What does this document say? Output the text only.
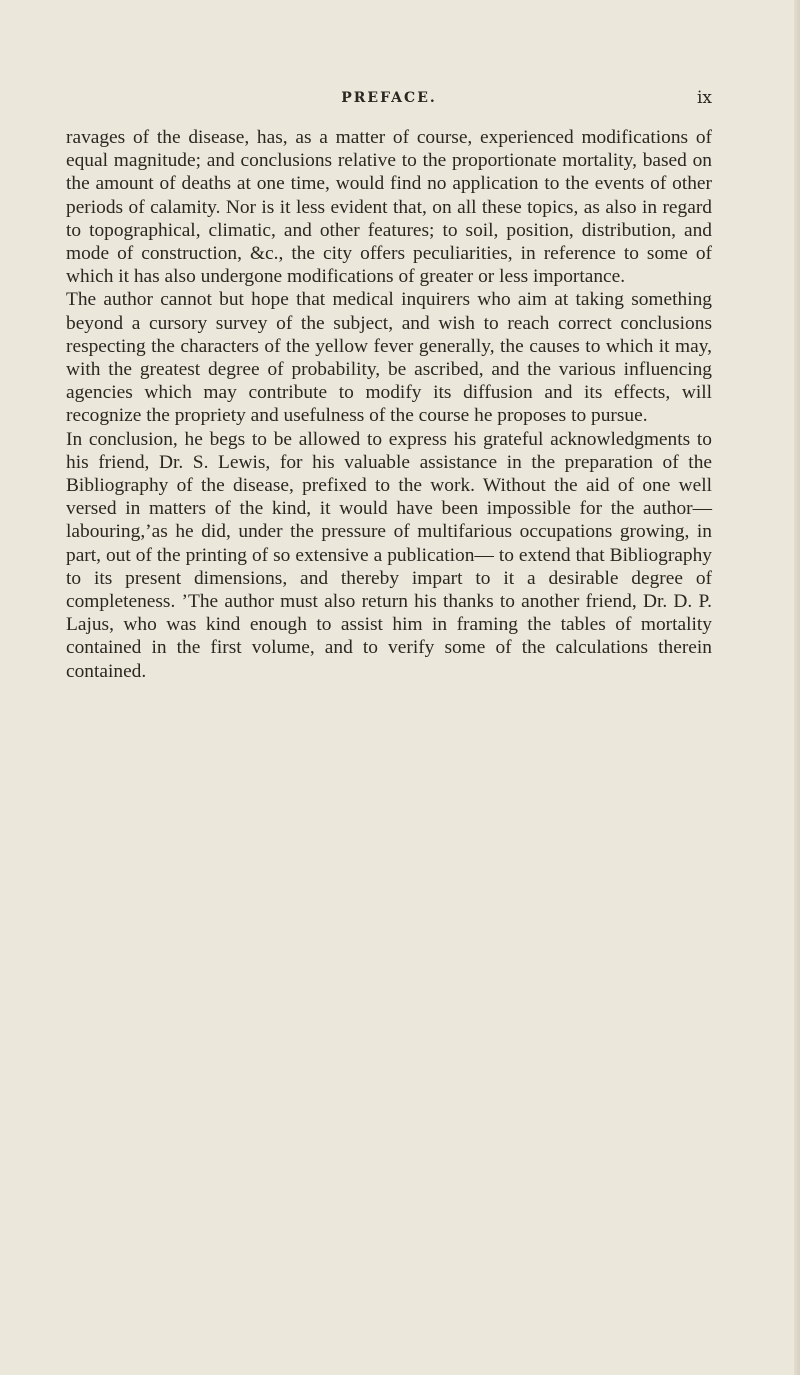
PREFACE.	ix

ravages of the disease, has, as a matter of course, experienced modifications of equal magnitude; and conclusions relative to the proportionate mortality, based on the amount of deaths at one time, would find no application to the events of other periods of calamity. Nor is it less evident that, on all these topics, as also in regard to topographical, climatic, and other features; to soil, position, distribution, and mode of construction, &c., the city offers peculiarities, in reference to some of which it has also undergone modifications of greater or less importance.

The author cannot but hope that medical inquirers who aim at taking something beyond a cursory survey of the subject, and wish to reach correct conclusions respecting the characters of the yellow fever generally, the causes to which it may, with the greatest degree of probability, be ascribed, and the various influencing agencies which may contribute to modify its diffusion and its effects, will recognize the propriety and usefulness of the course he proposes to pursue.

In conclusion, he begs to be allowed to express his grateful acknowledgments to his friend, Dr. S. Lewis, for his valuable assistance in the preparation of the Bibliography of the disease, prefixed to the work. Without the aid of one well versed in matters of the kind, it would have been impossible for the author—labouring,’as he did, under the pressure of multifarious occupations growing, in part, out of the printing of so extensive a publication— to extend that Bibliography to its present dimensions, and thereby impart to it a desirable degree of completeness. ’The author must also return his thanks to another friend, Dr. D. P. Lajus, who was kind enough to assist him in framing the tables of mortality contained in the first volume, and to verify some of the calculations therein contained.
